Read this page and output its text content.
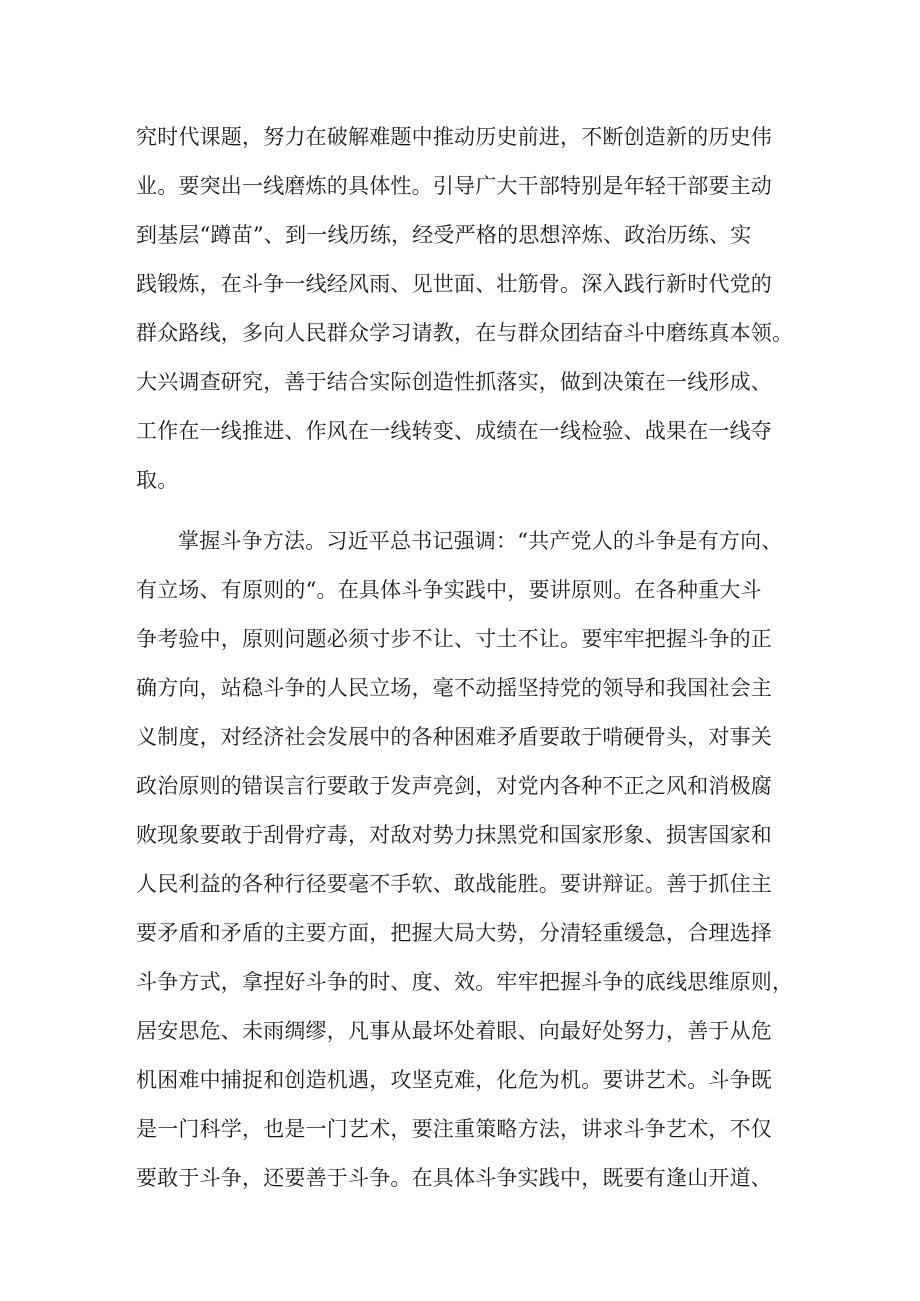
究时代课题，努力在破解难题中推动历史前进，不断创造新的历史伟
业。要突出一线磨炼的具体性。引导广大干部特别是年轻干部要主动
到基层“蹲苗”、到一线历练，经受严格的思想淬炼、政治历练、实
践锻炼，在斗争一线经风雨、见世面、壮筋骨。深入践行新时代党的
群众路线，多向人民群众学习请教，在与群众团结奋斗中磨练真本领。
大兴调查研究，善于结合实际创造性抓落实，做到决策在一线形成、
工作在一线推进、作风在一线转变、成绩在一线检验、战果在一线夺
取。
掌握斗争方法。习近平总书记强调：“共产党人的斗争是有方向、
有立场、有原则的“。在具体斗争实践中，要讲原则。在各种重大斗
争考验中，原则问题必须寸步不让、寸土不让。要牢牢把握斗争的正
确方向，站稳斗争的人民立场，毫不动摇坚持党的领导和我国社会主
义制度，对经济社会发展中的各种困难矛盾要敢于啃硬骨头，对事关
政治原则的错误言行要敢于发声亮剑，对党内各种不正之风和消极腐
败现象要敢于刮骨疗毒，对敌对势力抹黑党和国家形象、损害国家和
人民利益的各种行径要毫不手软、敢战能胜。要讲辩证。善于抓住主
要矛盾和矛盾的主要方面，把握大局大势，分清轻重缓急，合理选择
斗争方式，拿捏好斗争的时、度、效。牢牢把握斗争的底线思维原则，
居安思危、未雨绸缪，凡事从最坏处着眼、向最好处努力，善于从危
机困难中捕捉和创造机遇，攻坚克难，化危为机。要讲艺术。斗争既
是一门科学，也是一门艺术，要注重策略方法，讲求斗争艺术，不仅
要敢于斗争，还要善于斗争。在具体斗争实践中，既要有逢山开道、
